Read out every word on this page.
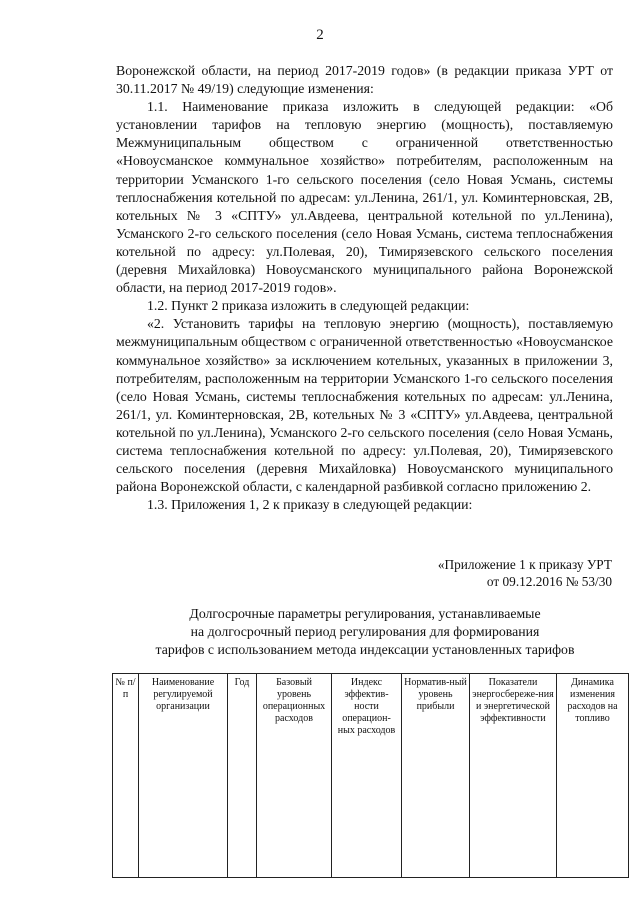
2

Воронежской области, на период 2017-2019 годов» (в редакции приказа УРТ от 30.11.2017 № 49/19) следующие изменения:

1.1. Наименование приказа изложить в следующей редакции: «Об установлении тарифов на тепловую энергию (мощность), поставляемую Межмуниципальным обществом с ограниченной ответственностью «Новоусманское коммунальное хозяйство» потребителям, расположенным на территории Усманского 1-го сельского поселения (село Новая Усмань, системы теплоснабжения котельной по адресам: ул.Ленина, 261/1, ул. Коминтерновская, 2В, котельных № 3 «СПТУ» ул.Авдеева, центральной котельной по ул.Ленина), Усманского 2-го сельского поселения (село Новая Усмань, система теплоснабжения котельной по адресу: ул.Полевая, 20), Тимирязевского сельского поселения (деревня Михайловка) Новоусманского муниципального района Воронежской области, на период 2017-2019 годов».

1.2. Пункт 2 приказа изложить в следующей редакции:

«2. Установить тарифы на тепловую энергию (мощность), поставляемую межмуниципальным обществом с ограниченной ответственностью «Новоусманское коммунальное хозяйство» за исключением котельных, указанных в приложении 3, потребителям, расположенным на территории Усманского 1-го сельского поселения (село Новая Усмань, системы теплоснабжения котельных по адресам: ул.Ленина, 261/1, ул. Коминтерновская, 2В, котельных № 3 «СПТУ» ул.Авдеева, центральной котельной по ул.Ленина), Усманского 2-го сельского поселения (село Новая Усмань, система теплоснабжения котельной по адресу: ул.Полевая, 20), Тимирязевского сельского поселения (деревня Михайловка) Новоусманского муниципального района Воронежской области, с календарной разбивкой согласно приложению 2.

1.3. Приложения 1, 2 к приказу в следующей редакции:

«Приложение 1 к приказу УРТ
от 09.12.2016 № 53/30
Долгосрочные параметры регулирования, устанавливаемые
на долгосрочный период регулирования для формирования
тарифов с использованием метода индексации установленных тарифов
№ п/п	Наименование регулируемой организации	Год	Базовый уровень операционных расходов	Индекс эффектив-ности операцион-ных расходов	Норматив-ный уровень прибыли	Показатели энергосбереже-ния и энергетической эффективности	Динамика изменения расходов на топливо
